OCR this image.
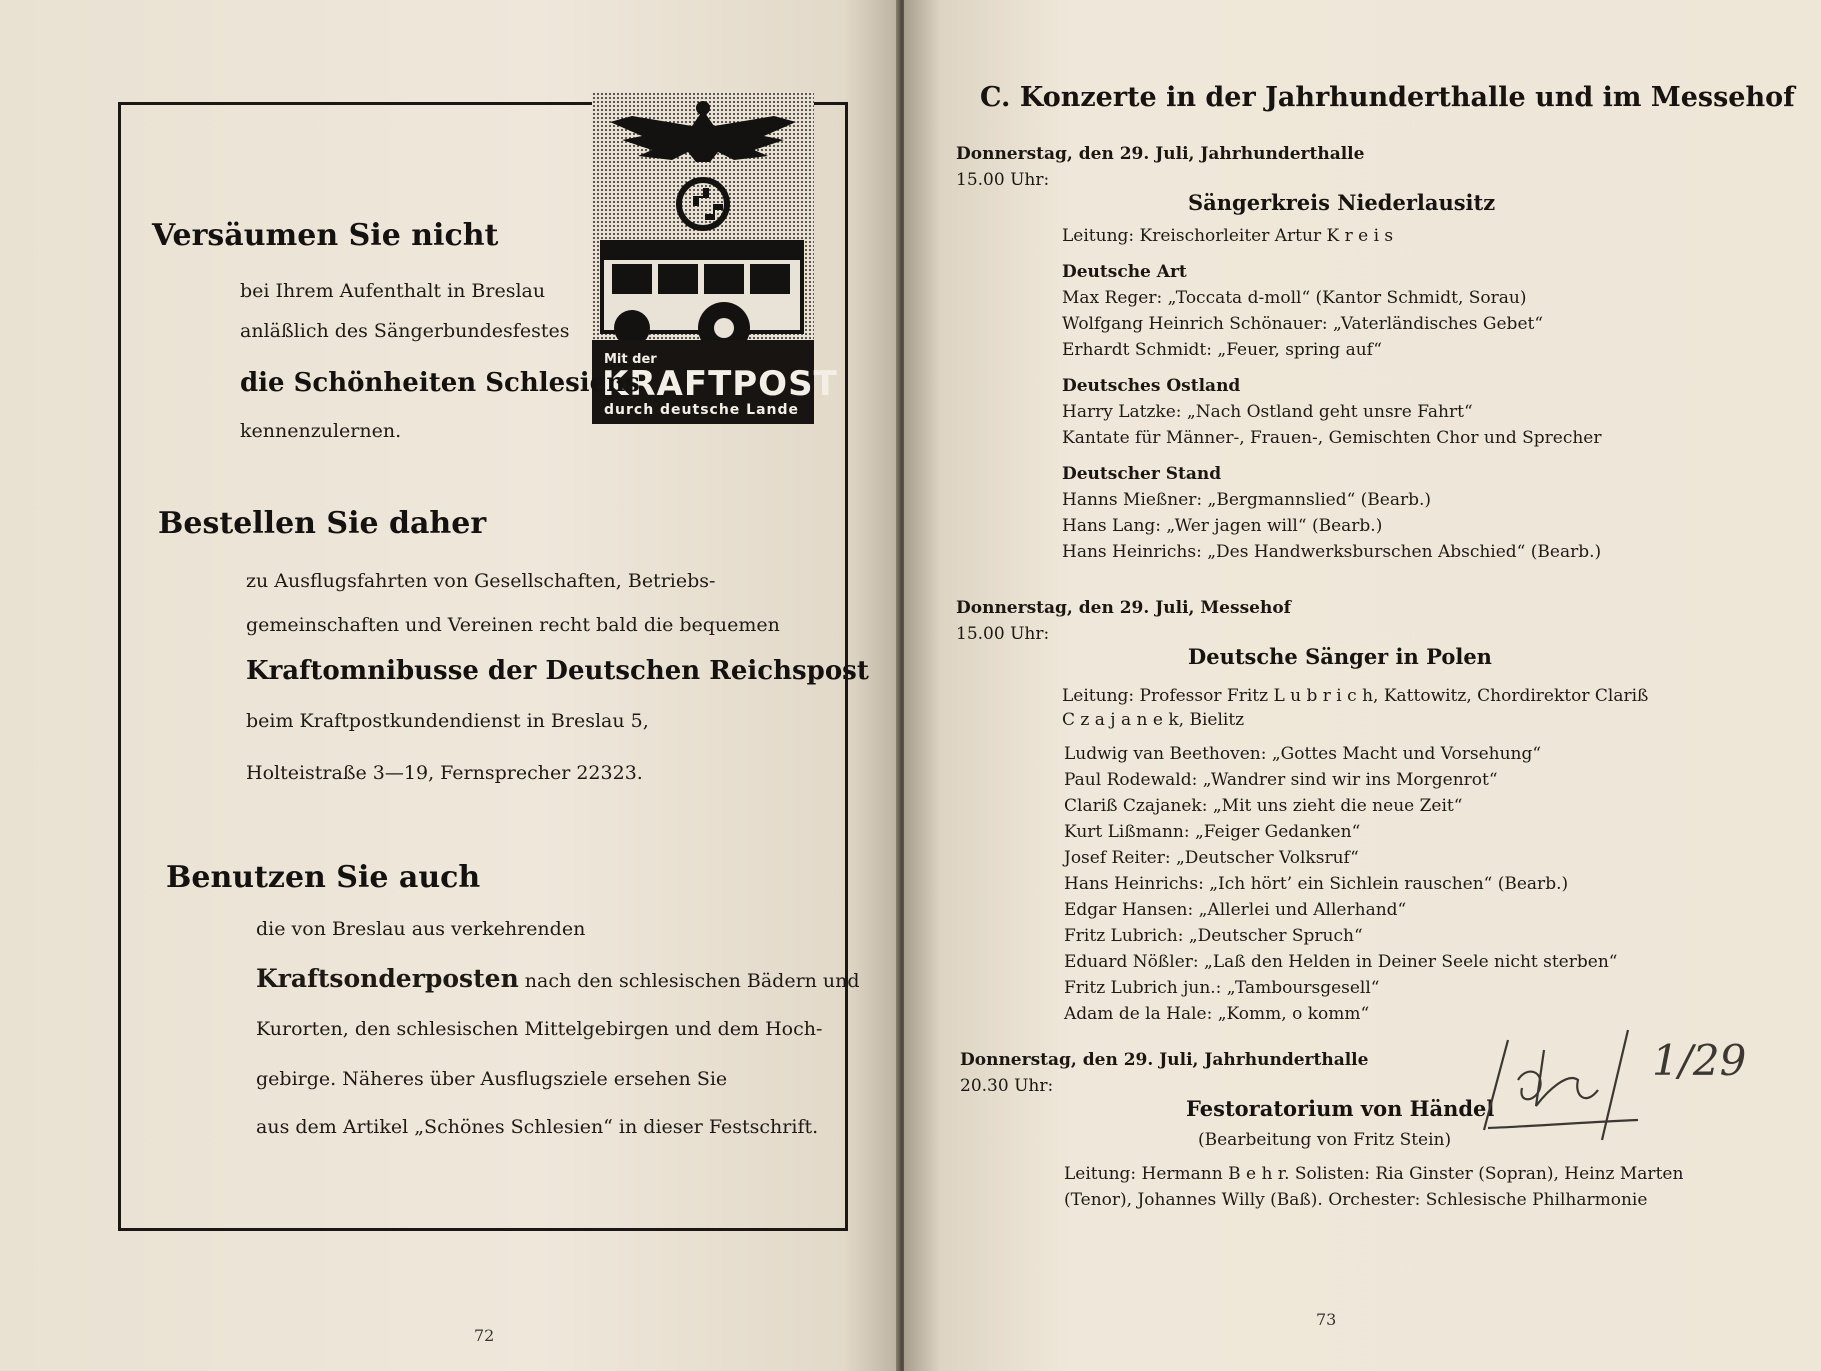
Mit der
KRAFTPOST
durch deutsche Lande
Versäumen Sie nicht
bei Ihrem Aufenthalt in Breslau
anläßlich des Sängerbundesfestes
die Schönheiten Schlesiens
kennenzulernen.
Bestellen Sie daher
zu Ausflugsfahrten von Gesellschaften, Betriebs-
gemeinschaften und Vereinen recht bald die bequemen
Kraftomnibusse der Deutschen Reichspost
beim Kraftpostkundendienst in Breslau 5,
Holteistraße 3—19, Fernsprecher 22323.
Benutzen Sie auch
die von Breslau aus verkehrenden
Kraftsonderposten nach den schlesischen Bädern und
Kurorten, den schlesischen Mittelgebirgen und dem Hoch-
gebirge. Näheres über Ausflugsziele ersehen Sie
aus dem Artikel „Schönes Schlesien“ in dieser Festschrift.
72
C. Konzerte in der Jahrhunderthalle und im Messehof
Donnerstag, den 29. Juli, Jahrhunderthalle
15.00 Uhr:
Sängerkreis Niederlausitz
Leitung: Kreischorleiter Artur K r e i s
Deutsche Art
Max Reger: „Toccata d-moll“ (Kantor Schmidt, Sorau)
Wolfgang Heinrich Schönauer: „Vaterländisches Gebet“
Erhardt Schmidt: „Feuer, spring auf“
Deutsches Ostland
Harry Latzke: „Nach Ostland geht unsre Fahrt“
Kantate für Männer-, Frauen-, Gemischten Chor und Sprecher
Deutscher Stand
Hanns Mießner: „Bergmannslied“ (Bearb.)
Hans Lang: „Wer jagen will“ (Bearb.)
Hans Heinrichs: „Des Handwerksburschen Abschied“ (Bearb.)
Donnerstag, den 29. Juli, Messehof
15.00 Uhr:
Deutsche Sänger in Polen
Leitung: Professor Fritz L u b r i c h, Kattowitz, Chordirektor Clariß
C z a j a n e k, Bielitz
Ludwig van Beethoven: „Gottes Macht und Vorsehung“
Paul Rodewald: „Wandrer sind wir ins Morgenrot“
Clariß Czajanek: „Mit uns zieht die neue Zeit“
Kurt Lißmann: „Feiger Gedanken“
Josef Reiter: „Deutscher Volksruf“
Hans Heinrichs: „Ich hört’ ein Sichlein rauschen“ (Bearb.)
Edgar Hansen: „Allerlei und Allerhand“
Fritz Lubrich: „Deutscher Spruch“
Eduard Nößler: „Laß den Helden in Deiner Seele nicht sterben“
Fritz Lubrich jun.: „Tamboursgesell“
Adam de la Hale: „Komm, o komm“
Donnerstag, den 29. Juli, Jahrhunderthalle
20.30 Uhr:
Festoratorium von Händel
(Bearbeitung von Fritz Stein)
Leitung: Hermann B e h r. Solisten: Ria Ginster (Sopran), Heinz Marten
(Tenor), Johannes Willy (Baß). Orchester: Schlesische Philharmonie
1/29
73
